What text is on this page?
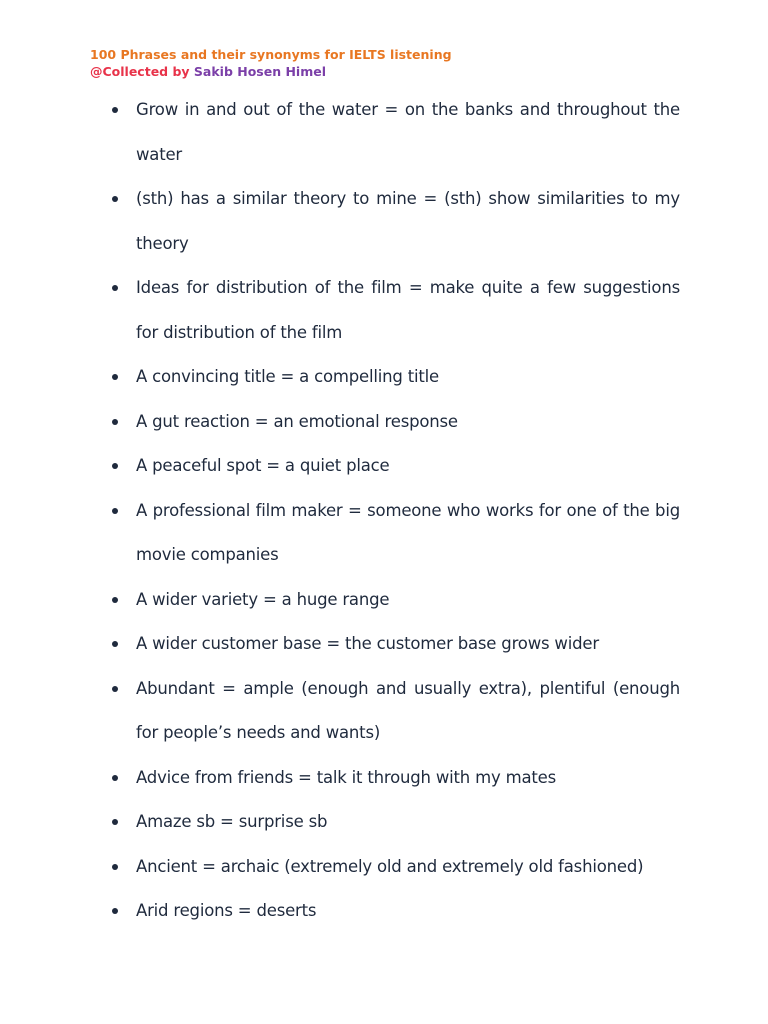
100 Phrases and their synonyms for IELTS listening
@Collected by Sakib Hosen Himel
Grow in and out of the water = on the banks and throughout the water
(sth) has a similar theory to mine = (sth) show similarities to my theory
Ideas for distribution of the film = make quite a few suggestions for distribution of the film
A convincing title = a compelling title
A gut reaction = an emotional response
A peaceful spot = a quiet place
A professional film maker = someone who works for one of the big movie companies
A wider variety = a huge range
A wider customer base = the customer base grows wider
Abundant = ample (enough and usually extra), plentiful (enough for people’s needs and wants)
Advice from friends = talk it through with my mates
Amaze sb = surprise sb
Ancient = archaic (extremely old and extremely old fashioned)
Arid regions = deserts
